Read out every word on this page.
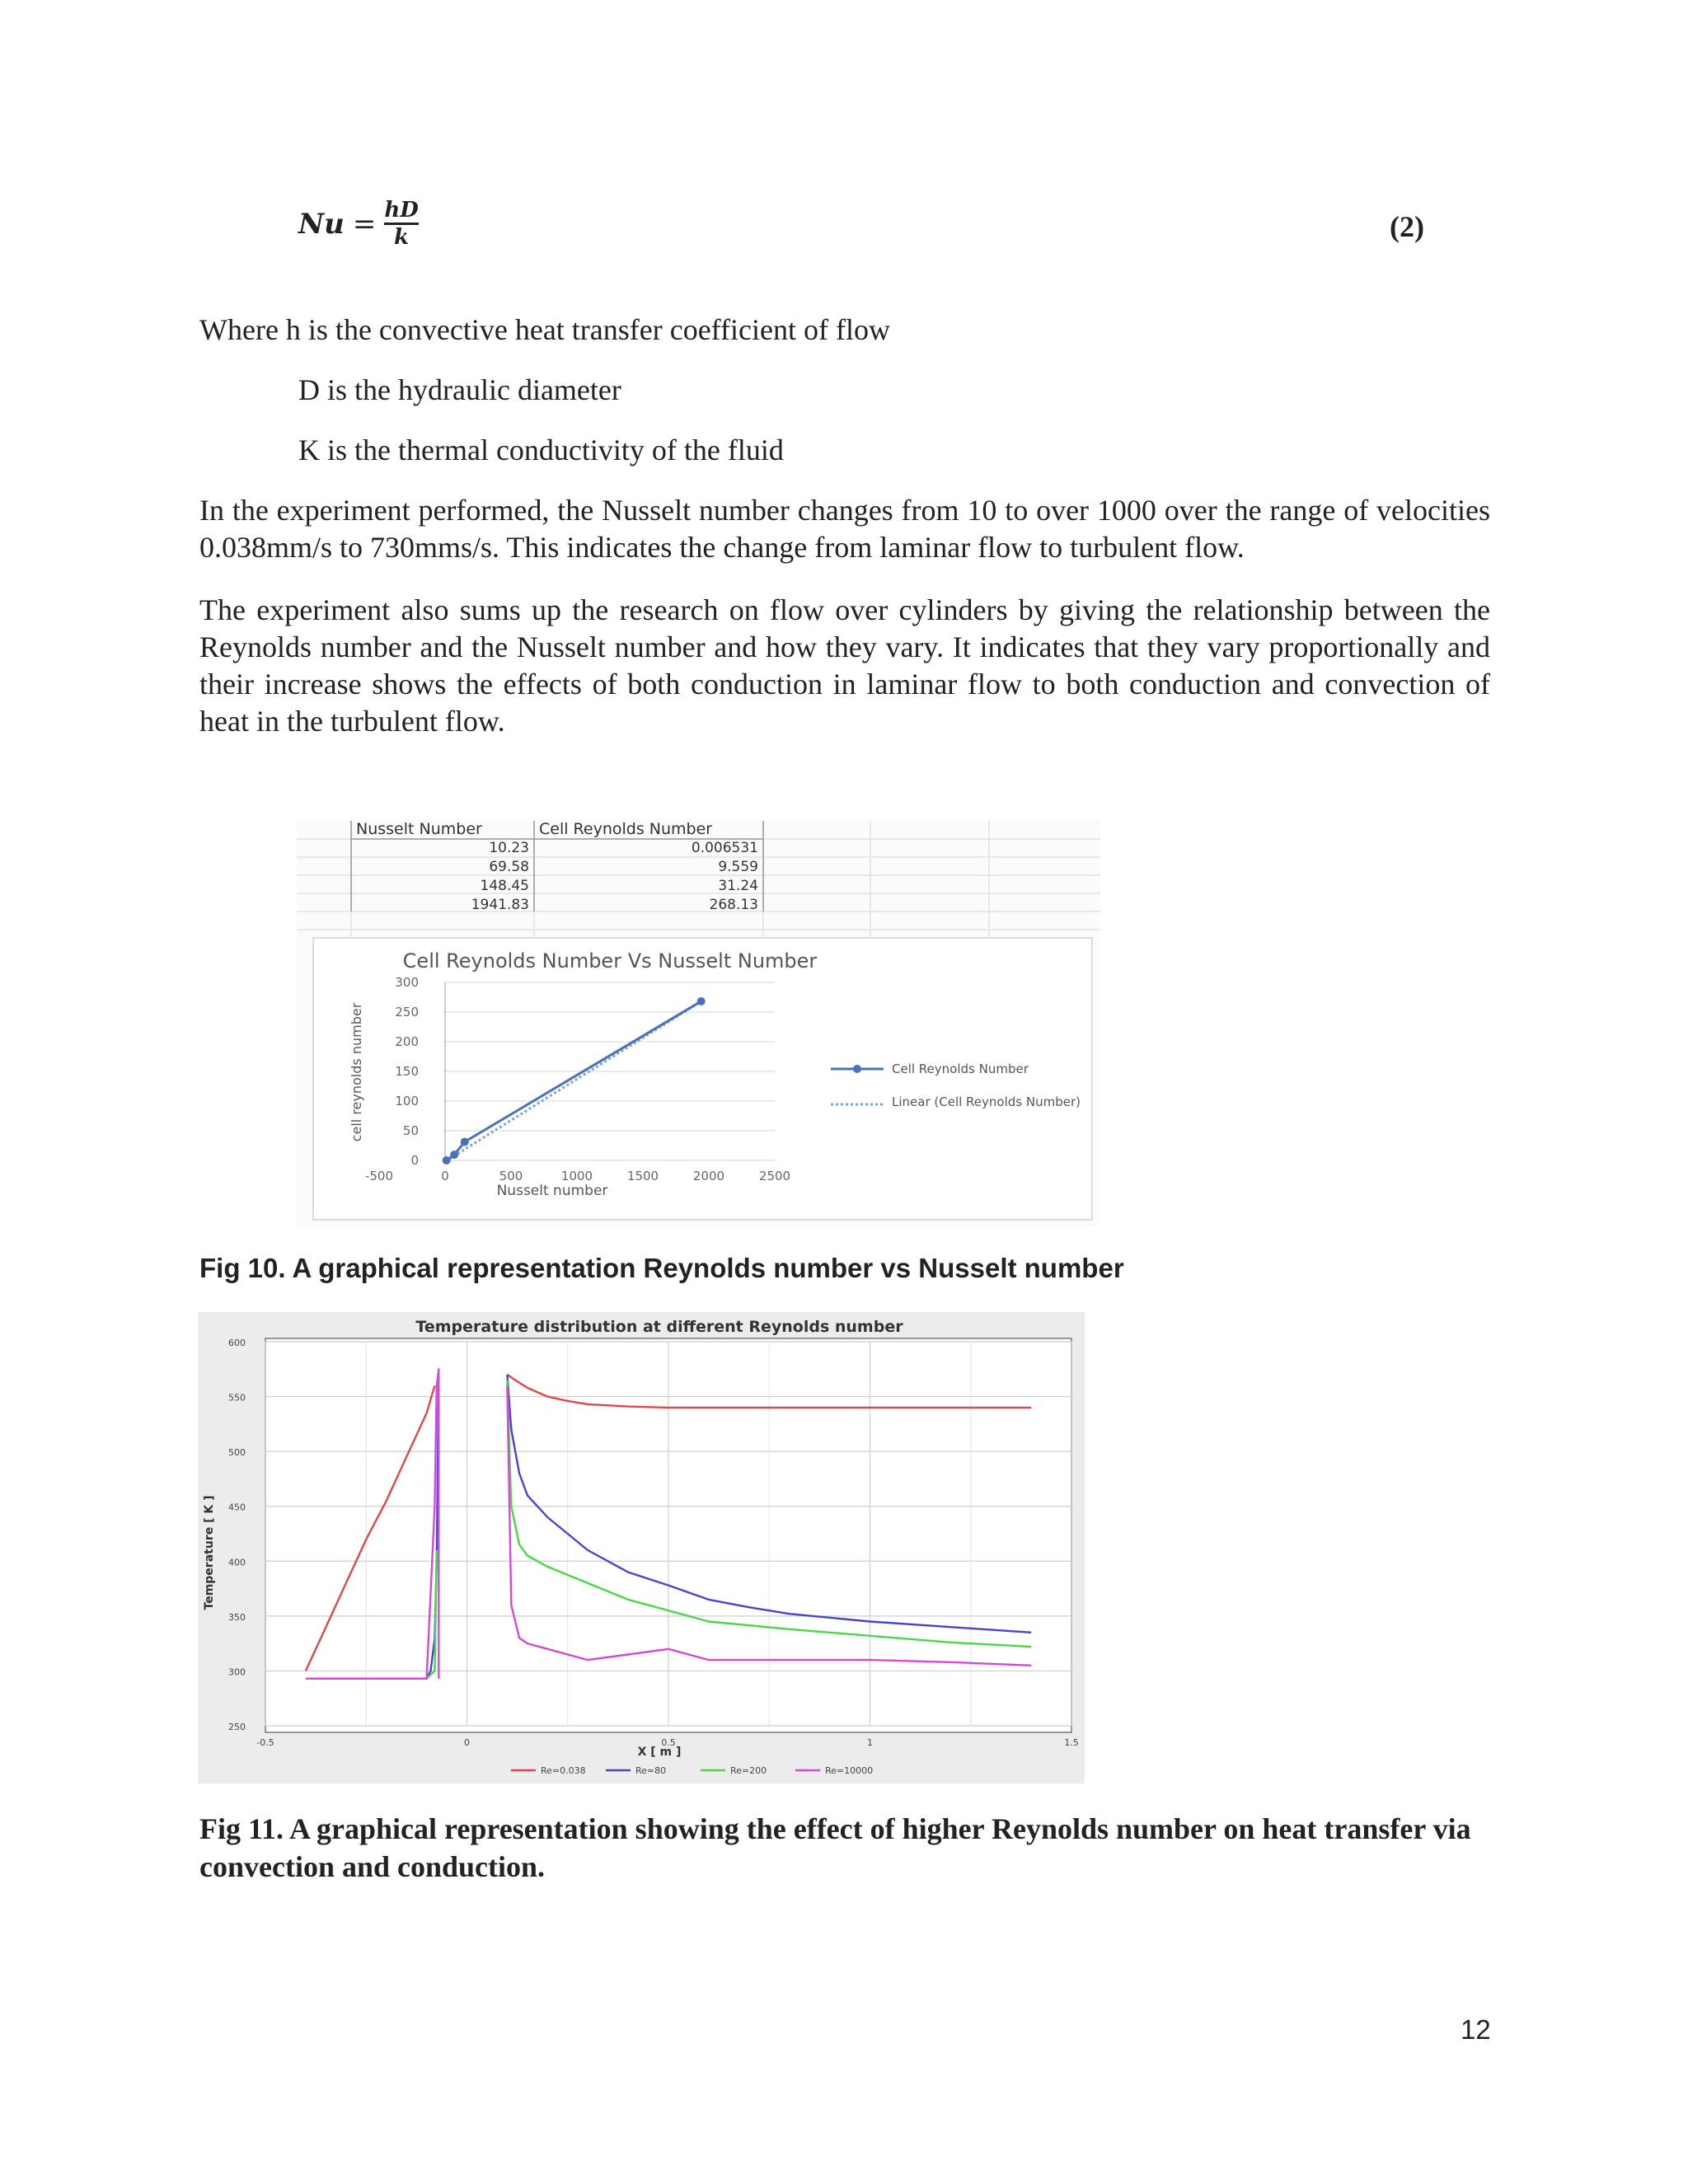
$Nu = \frac{hD}{k}$	(2)
Where h is the convective heat transfer coefficient of flow
D is the hydraulic diameter
K is the thermal conductivity of the fluid
In the experiment performed, the Nusselt number changes from 10 to over 1000 over the range of velocities 0.038mm/s to 730mms/s. This indicates the change from laminar flow to turbulent flow.
The experiment also sums up the research on flow over cylinders by giving the relationship between the Reynolds number and the Nusselt number and how they vary. It indicates that they vary proportionally and their increase shows the effects of both conduction in laminar flow to both conduction and convection of heat in the turbulent flow.
Nusselt Number	Cell Reynolds Number
10.23	0.006531
69.58	9.559
148.45	31.24
1941.83	268.13
Cell Reynolds Number Vs Nusselt Number
cell reynolds number
Nusselt number
-500	0	500	1000	1500	2000	2500
0
50
100
150
200
250
300
Cell Reynolds Number
Linear (Cell Reynolds Number)
Fig 10. A graphical representation Reynolds number vs Nusselt number
Temperature distribution at different Reynolds number
Temperature [ K ]
X [ m ]
-0.5	0	0.5	1	1.5
250
300
350
400
450
500
550
600
Re=0.038	Re=80	Re=200	Re=10000
Fig 11. A graphical representation showing the effect of higher Reynolds number on heat transfer via convection and conduction.
12
